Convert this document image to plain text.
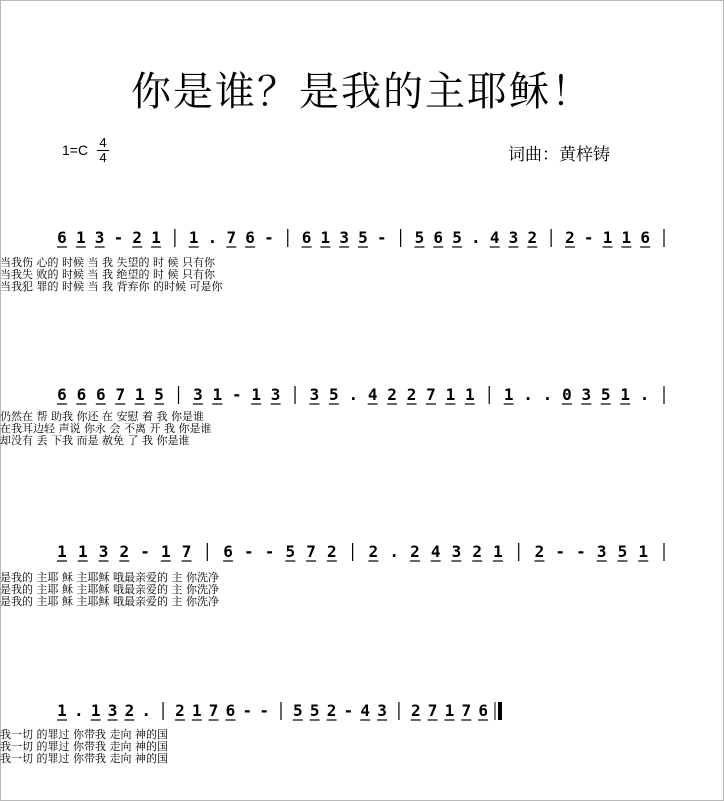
你是谁？是我的主耶稣！
1=C 4
4	词曲：黄梓铸
6 1 3 - 2 1 1 . 7 6 - 6 1 3 5 - 5 6 5 . 4 3 2 2 - 1 1 6
当我伤 心的 时候 当 我 失望的 时 候 只有你
当我失 败的 时候 当 我 绝望的 时 候 只有你
当我犯 罪的 时候 当 我 背弃你 的时候 可是你
6 6 6 7 1 5 3 1 - 1 3 3 5 . 4 2 2 7 1 1 1 . . 0 3 5 1 .
仍然在 帮 助我 你还 在 安慰 着 我 你是谁
在我耳边轻 声说 你永 会 不离 开 我 你是谁
却没有 丢 下我 而是 赦免 了 我 你是谁
1 1 3 2 - 1 7 6 - - 5 7 2 2 . 2 4 3 2 1 2 - - 3 5 1
是我的 主耶 稣 主耶稣 哦最亲爱的 主 你洗净
是我的 主耶 稣 主耶稣 哦最亲爱的 主 你洗净
是我的 主耶 稣 主耶稣 哦最亲爱的 主 你洗净
1 . 1 3 2 . 2 1 7 6 - - 5 5 2 - 4 3 2 7 1 7 6
我一切 的罪过 你带我 走向 神的国
我一切 的罪过 你带我 走向 神的国
我一切 的罪过 你带我 走向 神的国
